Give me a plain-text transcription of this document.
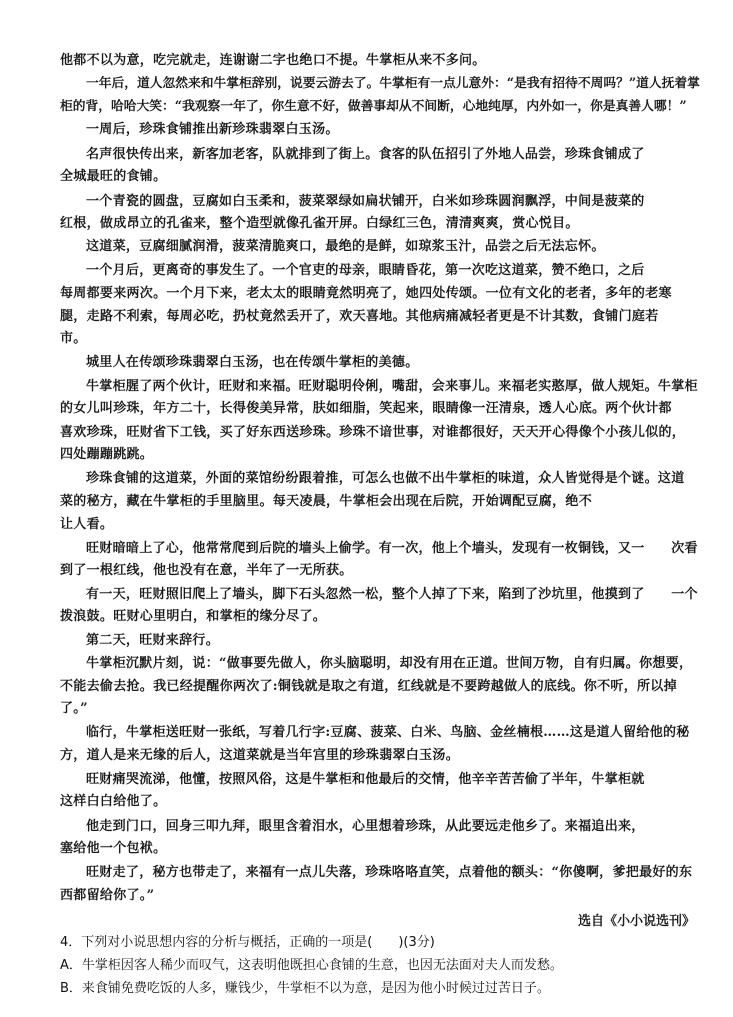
他都不以为意，吃完就走，连谢谢二字也绝口不提。牛掌柜从来不多问。
一年后，道人忽然来和牛掌柜辞别，说要云游去了。牛掌柜有一点儿意外：“是我有招待不周吗？”道人抚着掌
柜的背，哈哈大笑：“我观察一年了，你生意不好，做善事却从不间断，心地纯厚，内外如一，你是真善人哪！”
一周后，珍珠食铺推出新珍珠翡翠白玉汤。
名声很快传出来，新客加老客，队就排到了街上。食客的队伍招引了外地人品尝，珍珠食铺成了
全城最旺的食铺。
一个青瓷的圆盘，豆腐如白玉柔和，菠菜翠绿如扁状铺开，白米如珍珠圆润飘浮，中间是菠菜的
红根，做成昂立的孔雀来，整个造型就像孔雀开屏。白绿红三色，清清爽爽，赏心悦目。
这道菜，豆腐细腻润滑，菠菜清脆爽口，最绝的是鲜，如琼浆玉汁，品尝之后无法忘怀。
一个月后，更离奇的事发生了。一个官吏的母亲，眼睛昏花，第一次吃这道菜，赞不绝口，之后
每周都要来两次。一个月下来，老太太的眼睛竟然明亮了，她四处传颂。一位有文化的老者，多年的老寒
腿，走路不利索，每周必吃，扔杖竟然丢开了，欢天喜地。其他病痛减轻者更是不计其数，食铺门庭若
市。
城里人在传颂珍珠翡翠白玉汤，也在传颂牛掌柜的美德。
牛掌柜腥了两个伙计，旺财和来福。旺财聪明伶俐，嘴甜，会来事儿。来福老实憨厚，做人规矩。牛掌柜
的女儿叫珍珠，年方二十，长得俊美异常，肤如细脂，笑起来，眼睛像一汪清泉，透人心底。两个伙计都
喜欢珍珠，旺财省下工钱，买了好东西送珍珠。珍珠不谙世事，对谁都很好，天天开心得像个小孩儿似的，
四处蹦蹦跳跳。
珍珠食铺的这道菜，外面的菜馆纷纷跟着推，可怎么也做不出牛掌柜的味道，众人皆觉得是个谜。这道
菜的秘方，藏在牛掌柜的手里脑里。每天凌晨，牛掌柜会出现在后院，开始调配豆腐，绝不
让人看。
旺财暗暗上了心，他常常爬到后院的墙头上偷学。有一次，他上个墙头，发现有一枚铜钱，又一　　次看
到了一根红线，他也没有在意，半年了一无所获。
有一天，旺财照旧爬上了墙头，脚下石头忽然一松，整个人掉了下来，陷到了沙坑里，他摸到了　　一个
拨浪鼓。旺财心里明白，和掌柜的缘分尽了。
第二天，旺财来辞行。
牛掌柜沉默片刻，说：“做事要先做人，你头脑聪明，却没有用在正道。世间万物，自有归属。你想要，
不能去偷去抢。我已经提醒你两次了:铜钱就是取之有道，红线就是不要跨越做人的底线。你不听，所以掉
了。”
临行，牛掌柜送旺财一张纸，写着几行字:豆腐、菠菜、白米、鸟脑、金丝楠根……这是道人留给他的秘
方，道人是来无缘的后人，这道菜就是当年宫里的珍珠翡翠白玉汤。
旺财痛哭流涕，他懂，按照风俗，这是牛掌柜和他最后的交情，他辛辛苦苦偷了半年，牛掌柜就
这样白白给他了。
他走到门口，回身三叩九拜，眼里含着泪水，心里想着珍珠，从此要远走他乡了。来福追出来，
塞给他一个包袱。
旺财走了，秘方也带走了，来福有一点儿失落，珍珠咯咯直笑，点着他的额头：“你傻啊，爹把最好的东
西都留给你了。”
选自《小小说选刊》
4．下列对小说思想内容的分析与概括，正确的一项是(　　)(3分)
A．牛掌柜因客人稀少而叹气，这表明他既担心食铺的生意，也因无法面对夫人而发愁。
B．来食铺免费吃饭的人多，赚钱少，牛掌柜不以为意，是因为他小时候过过苦日子。
